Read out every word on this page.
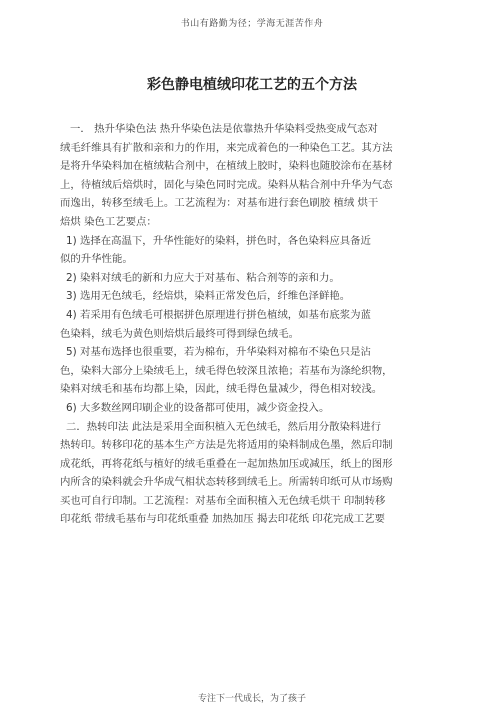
书山有路勤为径；学海无涯苦作舟
彩色静电植绒印花工艺的五个方法
一． 热升华染色法 热升华染色法是依靠热升华染料受热变成气态对
绒毛纤维具有扩散和亲和力的作用，来完成着色的一种染色工艺。其方法
是将升华染料加在植绒粘合剂中，在植绒上胶时，染料也随胶涂布在基材
上，待植绒后焙烘时，固化与染色同时完成。染料从粘合剂中升华为气态
而逸出，转移至绒毛上。工艺流程为：对基布进行套色刷胶 植绒 烘干
焙烘 染色工艺要点：
1) 选择在高温下，升华性能好的染料，拼色时，各色染料应具备近
似的升华性能。
2) 染料对绒毛的新和力应大于对基布、粘合剂等的亲和力。
3) 选用无色绒毛，经焙烘，染料正常发色后，纤维色泽鲜艳。
4) 若采用有色绒毛可根据拼色原理进行拼色植绒，如基布底浆为蓝
色染料，绒毛为黄色则焙烘后最终可得到绿色绒毛。
5) 对基布选择也很重要，若为棉布，升华染料对棉布不染色只是沾
色，染料大部分上染绒毛上，绒毛得色较深且浓艳；若基布为涤纶织物，
染料对绒毛和基布均都上染，因此，绒毛得色量减少，得色相对较浅。
6) 大多数丝网印刷企业的设备都可使用，减少资金投入。
二．热转印法 此法是采用全面积植入无色绒毛，然后用分散染料进行
热转印。转移印花的基本生产方法是先将适用的染料制成色墨，然后印制
成花纸，再将花纸与植好的绒毛重叠在一起加热加压或减压，纸上的图形
内所含的染料就会升华成气相状态转移到绒毛上。所需转印纸可从市场购
买也可自行印制。工艺流程：对基布全面积植入无色绒毛烘干 印制转移
印花纸 带绒毛基布与印花纸重叠 加热加压 揭去印花纸 印花完成工艺要
专注下一代成长，为了孩子
